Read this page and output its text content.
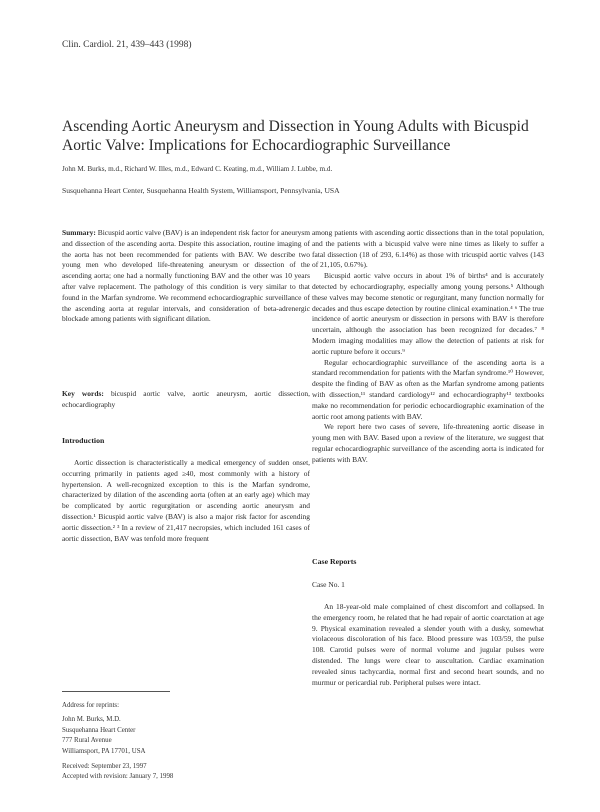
Clin. Cardiol. 21, 439–443 (1998)
Ascending Aortic Aneurysm and Dissection in Young Adults with Bicuspid Aortic Valve: Implications for Echocardiographic Surveillance
John M. Burks, m.d., Richard W. Illes, m.d., Edward C. Keating, m.d., William J. Lubbe, m.d.
Susquehanna Heart Center, Susquehanna Health System, Williamsport, Pennsylvania, USA

Summary: Bicuspid aortic valve (BAV) is an independent risk factor for aneurysm and dissection of the ascending aorta. Despite this association, routine imaging of the aorta has not been recommended for patients with BAV. We describe two young men who developed life-threatening aneurysm or dissection of the ascending aorta; one had a normally functioning BAV and the other was 10 years after valve replacement. The pathology of this condition is very similar to that found in the Marfan syndrome. We recommend echocardiographic surveillance of the ascending aorta at regular intervals, and consideration of beta-adrenergic blockade among patients with significant dilation.

Key words: bicuspid aortic valve, aortic aneurysm, aortic dissection, echocardiography

Introduction

Aortic dissection is characteristically a medical emergency of sudden onset, occurring primarily in patients aged ≥40, most commonly with a history of hypertension. A well-recognized exception to this is the Marfan syndrome, characterized by dilation of the ascending aorta (often at an early age) which may be complicated by aortic regurgitation or ascending aortic aneurysm and dissection.¹ Bicuspid aortic valve (BAV) is also a major risk factor for ascending aortic dissection.² ³ In a review of 21,417 necropsies, which included 161 cases of aortic dissection, BAV was tenfold more frequent

Address for reprints:
John M. Burks, M.D.
Susquehanna Heart Center
777 Rural Avenue
Williamsport, PA 17701, USA
Received: September 23, 1997
Accepted with revision: January 7, 1998

among patients with ascending aortic dissections than in the total population, and the patients with a bicuspid valve were nine times as likely to suffer a fatal dissection (18 of 293, 6.14%) as those with tricuspid aortic valves (143 of 21,105, 0.67%).

Bicuspid aortic valve occurs in about 1% of births⁴ and is accurately detected by echocardiography, especially among young persons.⁵ Although these valves may become stenotic or regurgitant, many function normally for decades and thus escape detection by routine clinical examination.⁴ ⁶ The true incidence of aortic aneurysm or dissection in persons with BAV is therefore uncertain, although the association has been recognized for decades.⁷ ⁸ Modern imaging modalities may allow the detection of patients at risk for aortic rupture before it occurs.⁹

Regular echocardiographic surveillance of the ascending aorta is a standard recommendation for patients with the Marfan syndrome.¹⁰ However, despite the finding of BAV as often as the Marfan syndrome among patients with dissection,¹¹ standard cardiology¹² and echocardiography¹³ textbooks make no recommendation for periodic echocardiographic examination of the aortic root among patients with BAV.

We report here two cases of severe, life-threatening aortic disease in young men with BAV. Based upon a review of the literature, we suggest that regular echocardiographic surveillance of the ascending aorta is indicated for patients with BAV.

Case Reports
Case No. 1

An 18-year-old male complained of chest discomfort and collapsed. In the emergency room, he related that he had repair of aortic coarctation at age 9. Physical examination revealed a slender youth with a dusky, somewhat violaceous discoloration of his face. Blood pressure was 103/59, the pulse 108. Carotid pulses were of normal volume and jugular pulses were distended. The lungs were clear to auscultation. Cardiac examination revealed sinus tachycardia, normal first and second heart sounds, and no murmur or pericardial rub. Peripheral pulses were intact.
